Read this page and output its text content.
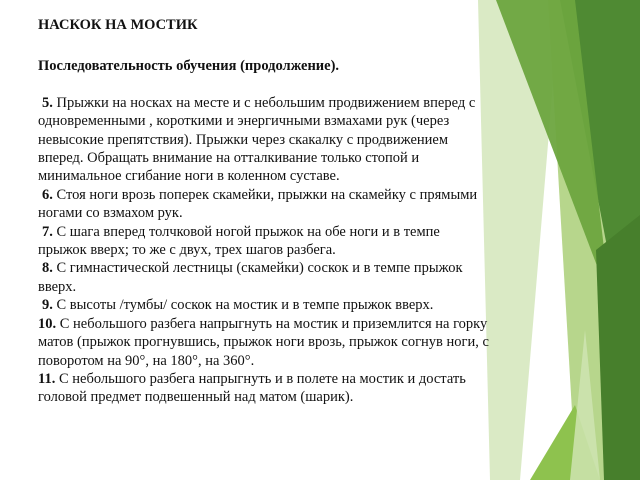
НАСКОК НА МОСТИК
Последовательность обучения (продолжение).

5. Прыжки на носках на месте и с небольшим продвижением вперед с одновременными , короткими и энергичными взмахами рук (через невысокие препятствия). Прыжки через скакалку с продвижением вперед. Обращать внимание на отталкивание только стопой и минимальное сгибание ноги в коленном суставе.

6. Стоя ноги врозь поперек скамейки, прыжки на скамейку с прямыми ногами со взмахом рук.

7. С шага вперед толчковой ногой прыжок на обе ноги и в темпе прыжок вверх; то же с двух, трех шагов разбега.

8. С гимнастической лестницы (скамейки) соскок и в темпе прыжок вверх.

9. С высоты /тумбы/ соскок на мостик и в темпе прыжок вверх.

10. С небольшого разбега напрыгнуть на мостик и приземлится на горку матов (прыжок прогнувшись, прыжок ноги врозь, прыжок согнув ноги, с поворотом на 90°, на 180°, на 360°.

11. С небольшого разбега напрыгнуть и в полете на мостик и достать головой предмет подвешенный над матом (шарик).
